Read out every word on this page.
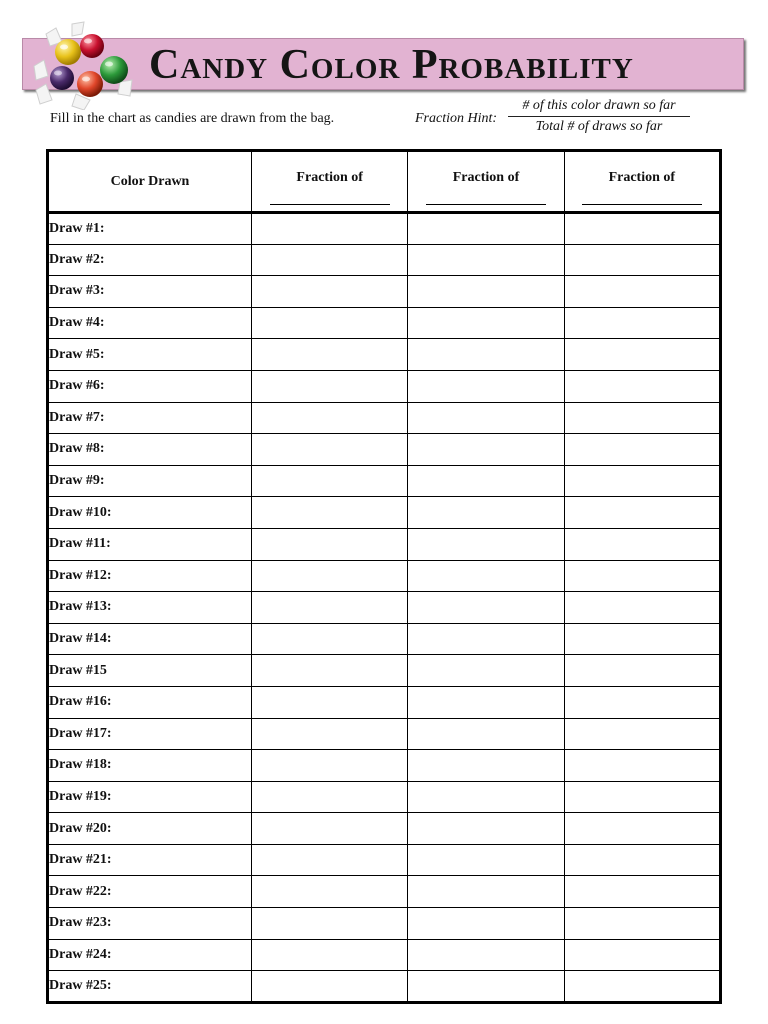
Candy Color Probability
Fill in the chart as candies are drawn from the bag.	Fraction Hint:
# of this color drawn so far
Total # of draws so far
Color Drawn	Fraction of	Fraction of	Fraction of

Draw #1:			
Draw #2:			
Draw #3:			
Draw #4:			
Draw #5:			
Draw #6:			
Draw #7:			
Draw #8:			
Draw #9:			
Draw #10:			
Draw #11:			
Draw #12:			
Draw #13:			
Draw #14:			
Draw #15			
Draw #16:			
Draw #17:			
Draw #18:			
Draw #19:			
Draw #20:			
Draw #21:			
Draw #22:			
Draw #23:			
Draw #24:			
Draw #25:			
